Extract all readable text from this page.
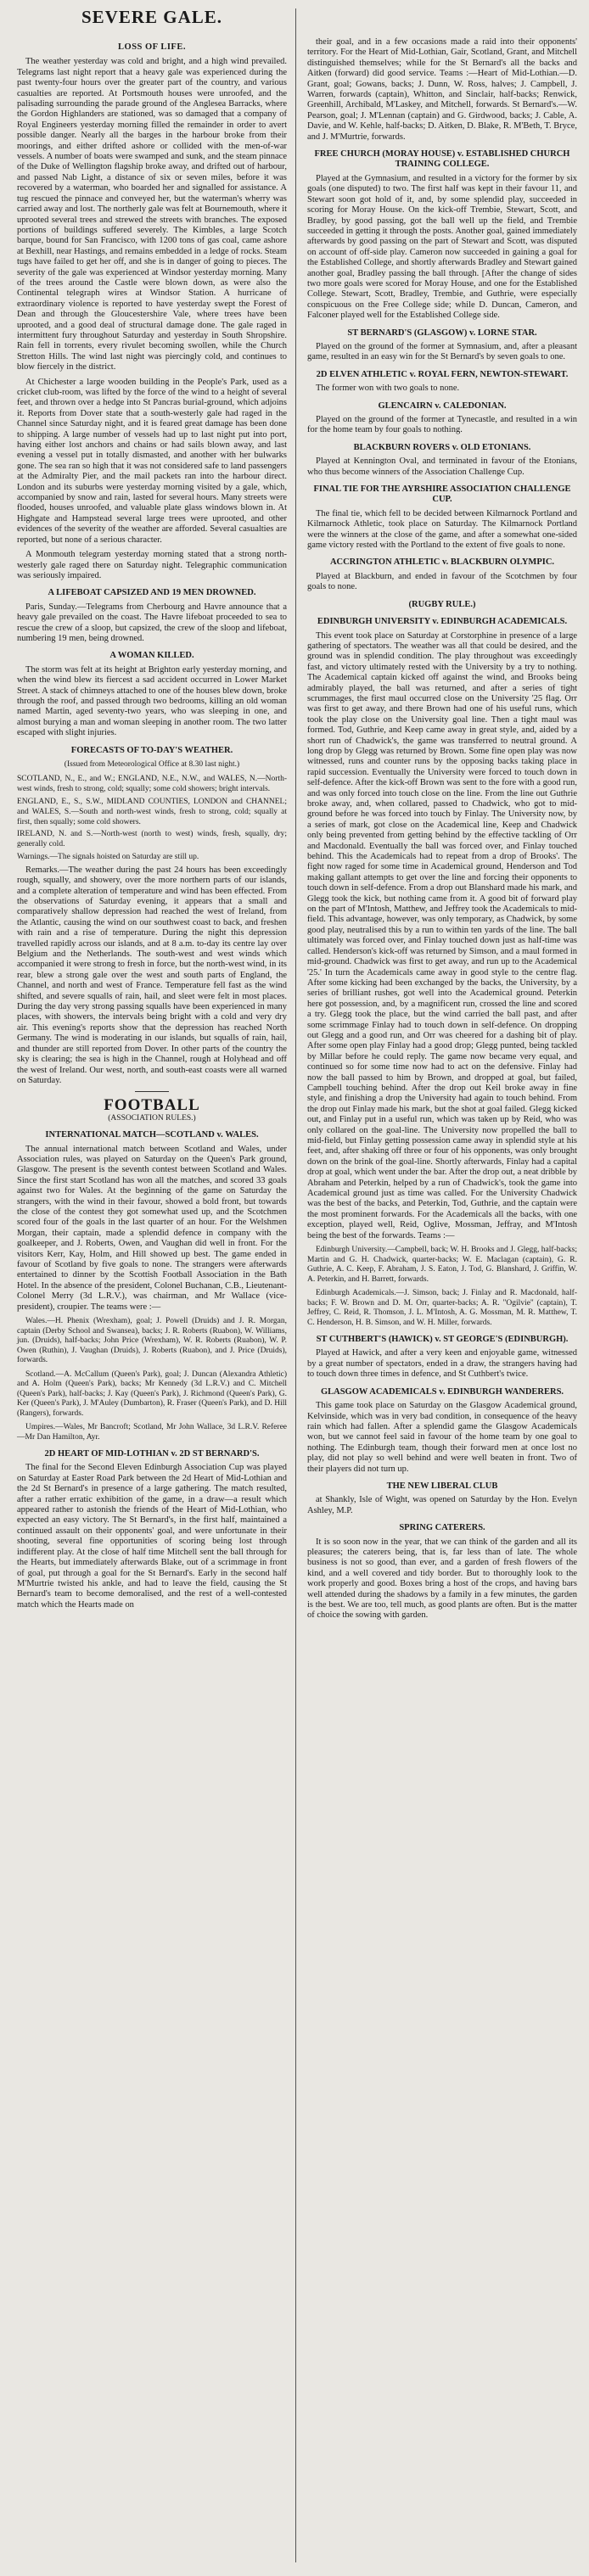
SEVERE GALE.
LOSS OF LIFE.

The weather yesterday was cold and bright, and a high wind prevailed. Telegrams last night report that a heavy gale was experienced during the past twenty-four hours over the greater part of the country, and various casualties are reported. At Portsmouth houses were unroofed, and the palisading surrounding the parade ground of the Anglesea Barracks, where the Gordon Highlanders are stationed, was so damaged that a company of Royal Engineers yesterday morning filled the remainder in order to avert possible danger. Nearly all the barges in the harbour broke from their moorings, and either drifted ashore or collided with the men-of-war vessels. A number of boats were swamped and sunk, and the steam pinnace of the Duke of Wellington flagship broke away, and drifted out of harbour, and passed Nab Light, a distance of six or seven miles, before it was recovered by a waterman, who boarded her and signalled for assistance. A tug rescued the pinnace and conveyed her, but the waterman's wherry was carried away and lost. The northerly gale was felt at Bournemouth, where it uprooted several trees and strewed the streets with branches. The exposed portions of buildings suffered severely. The Kimbles, a large Scotch barque, bound for San Francisco, with 1200 tons of gas coal, came ashore at Bexhill, near Hastings, and remains embedded in a ledge of rocks. Steam tugs have failed to get her off, and she is in danger of going to pieces. The severity of the gale was experienced at Windsor yesterday morning. Many of the trees around the Castle were blown down, as were also the Continental telegraph wires at Windsor Station. A hurricane of extraordinary violence is reported to have yesterday swept the Forest of Dean and through the Gloucestershire Vale, where trees have been uprooted, and a good deal of structural damage done. The gale raged in intermittent fury throughout Saturday and yesterday in South Shropshire. Rain fell in torrents, every rivulet becoming swollen, while the Church Stretton Hills. The wind last night was piercingly cold, and continues to blow fiercely in the district.

At Chichester a large wooden building in the People's Park, used as a cricket club-room, was lifted by the force of the wind to a height of several feet, and thrown over a hedge into St Pancras burial-ground, which adjoins it. Reports from Dover state that a south-westerly gale had raged in the Channel since Saturday night, and it is feared great damage has been done to shipping. A large number of vessels had up to last night put into port, having either lost anchors and chains or had sails blown away, and last evening a vessel put in totally dismasted, and another with her bulwarks gone. The sea ran so high that it was not considered safe to land passengers at the Admiralty Pier, and the mail packets ran into the harbour direct. London and its suburbs were yesterday morning visited by a gale, which, accompanied by snow and rain, lasted for several hours. Many streets were flooded, houses unroofed, and valuable plate glass windows blown in. At Highgate and Hampstead several large trees were uprooted, and other evidences of the severity of the weather are afforded. Several casualties are reported, but none of a serious character.

A Monmouth telegram yesterday morning stated that a strong north-westerly gale raged there on Saturday night. Telegraphic communication was seriously impaired.

A LIFEBOAT CAPSIZED AND 19 MEN DROWNED.

Paris, Sunday.—Telegrams from Cherbourg and Havre announce that a heavy gale prevailed on the coast. The Havre lifeboat proceeded to sea to rescue the crew of a sloop, but capsized, the crew of the sloop and lifeboat, numbering 19 men, being drowned.

A WOMAN KILLED.

The storm was felt at its height at Brighton early yesterday morning, and when the wind blew its fiercest a sad accident occurred in Lower Market Street. A stack of chimneys attached to one of the houses blew down, broke through the roof, and passed through two bedrooms, killing an old woman named Martin, aged seventy-two years, who was sleeping in one, and almost burying a man and woman sleeping in another room. The two latter escaped with slight injuries.

FORECASTS OF TO-DAY'S WEATHER.
(Issued from Meteorological Office at 8.30 last night.)
SCOTLAND, N., E., and W.; ENGLAND, N.E., N.W., and WALES, N.—North-west winds, fresh to strong, cold; squally; some cold showers; bright intervals.
ENGLAND, E., S., S.W., MIDLAND COUNTIES, LONDON and CHANNEL; and WALES, S.—South and north-west winds, fresh to strong, cold; squally at first, then squally; some cold showers.
IRELAND, N. and S.—North-west (north to west) winds, fresh, squally, dry; generally cold.
Warnings.—The signals hoisted on Saturday are still up.

Remarks.—The weather during the past 24 hours has been exceedingly rough, squally, and showery, over the more northern parts of our islands, and a complete alteration of temperature and wind has been effected. From the observations of Saturday evening, it appears that a small and comparatively shallow depression had reached the west of Ireland, from the Atlantic, causing the wind on our southwest coast to back, and freshen with rain and a rise of temperature. During the night this depression travelled rapidly across our islands, and at 8 a.m. to-day its centre lay over Belgium and the Netherlands. The south-west and west winds which accompanied it were strong to fresh in force, but the north-west wind, in its rear, blew a strong gale over the west and south parts of England, the Channel, and north and west of France. Temperature fell fast as the wind shifted, and severe squalls of rain, hail, and sleet were felt in most places. During the day very strong passing squalls have been experienced in many places, with showers, the intervals being bright with a cold and very dry air. This evening's reports show that the depression has reached North Germany. The wind is moderating in our islands, but squalls of rain, hail, and thunder are still reported from Dover. In other parts of the country the sky is clearing; the sea is high in the Channel, rough at Holyhead and off the west of Ireland. Our west, north, and south-east coasts were all warned on Saturday.

FOOTBALL
(ASSOCIATION RULES.)
INTERNATIONAL MATCH—SCOTLAND v. WALES.

The annual international match between Scotland and Wales, under Association rules, was played on Saturday on the Queen's Park ground, Glasgow. The present is the seventh contest between Scotland and Wales. Since the first start Scotland has won all the matches, and scored 33 goals against two for Wales. At the beginning of the game on Saturday the strangers, with the wind in their favour, showed a bold front, but towards the close of the contest they got somewhat used up, and the Scotchmen scored four of the goals in the last quarter of an hour. For the Welshmen Morgan, their captain, made a splendid defence in company with the goalkeeper, and J. Roberts, Owen, and Vaughan did well in front. For the visitors Kerr, Kay, Holm, and Hill showed up best. The game ended in favour of Scotland by five goals to none. The strangers were afterwards entertained to dinner by the Scottish Football Association in the Bath Hotel. In the absence of the president, Colonel Buchanan, C.B., Lieutenant-Colonel Merry (3d L.R.V.), was chairman, and Mr Wallace (vice-president), croupier. The teams were :—

Wales.—H. Phenix (Wrexham), goal; J. Powell (Druids) and J. R. Morgan, captain (Derby School and Swansea), backs; J. R. Roberts (Ruabon), W. Williams, jun. (Druids), half-backs; John Price (Wrexham), W. R. Roberts (Ruabon), W. P. Owen (Ruthin), J. Vaughan (Druids), J. Roberts (Ruabon), and J. Price (Druids), forwards.

Scotland.—A. McCallum (Queen's Park), goal; J. Duncan (Alexandra Athletic) and A. Holm (Queen's Park), backs; Mr Kennedy (3d L.R.V.) and C. Mitchell (Queen's Park), half-backs; J. Kay (Queen's Park), J. Richmond (Queen's Park), G. Ker (Queen's Park), J. M'Auley (Dumbarton), R. Fraser (Queen's Park), and D. Hill (Rangers), forwards.

Umpires.—Wales, Mr Bancroft; Scotland, Mr John Wallace, 3d L.R.V. Referee—Mr Dan Hamilton, Ayr.

2D HEART OF MID-LOTHIAN v. 2D ST BERNARD'S.

The final for the Second Eleven Edinburgh Association Cup was played on Saturday at Easter Road Park between the 2d Heart of Mid-Lothian and the 2d St Bernard's in presence of a large gathering. The match resulted, after a rather erratic exhibition of the game, in a draw—a result which appeared rather to astonish the friends of the Heart of Mid-Lothian, who expected an easy victory. The St Bernard's, in the first half, maintained a continued assault on their opponents' goal, and were unfortunate in their shooting, several fine opportunities of scoring being lost through indifferent play. At the close of half time Mitchell sent the ball through for the Hearts, but immediately afterwards Blake, out of a scrimmage in front of goal, put through a goal for the St Bernard's. Early in the second half M'Murtrie twisted his ankle, and had to leave the field, causing the St Bernard's team to become demoralised, and the rest of a well-contested match which the Hearts made on

their goal, and in a few occasions made a raid into their opponents' territory. For the Heart of Mid-Lothian, Gair, Scotland, Grant, and Mitchell distinguished themselves; while for the St Bernard's all the backs and Aitken (forward) did good service. Teams :—Heart of Mid-Lothian.—D. Grant, goal; Gowans, backs; J. Dunn, W. Ross, halves; J. Campbell, J. Warren, forwards (captain), Whitton, and Sinclair, half-backs; Renwick, Greenhill, Archibald, M'Laskey, and Mitchell, forwards. St Bernard's.—W. Pearson, goal; J. M'Lennan (captain) and G. Girdwood, backs; J. Cable, A. Davie, and W. Kehle, half-backs; D. Aitken, D. Blake, R. M'Beth, T. Bryce, and J. M'Murtrie, forwards.

FREE CHURCH (MORAY HOUSE) v. ESTABLISHED CHURCH TRAINING COLLEGE.

Played at the Gymnasium, and resulted in a victory for the former by six goals (one disputed) to two. The first half was kept in their favour 11, and Stewart soon got hold of it, and, by some splendid play, succeeded in scoring for Moray House. On the kick-off Trembie, Stewart, Scott, and Bradley, by good passing, got the ball well up the field, and Trembie succeeded in getting it through the posts. Another goal, gained immediately afterwards by good passing on the part of Stewart and Scott, was disputed on account of off-side play. Cameron now succeeded in gaining a goal for the Established College, and shortly afterwards Bradley and Stewart gained another goal, Bradley passing the ball through. [After the change of sides two more goals were scored for Moray House, and one for the Established College. Stewart, Scott, Bradley, Trembie, and Guthrie, were especially conspicuous on the Free College side; while D. Duncan, Cameron, and Falconer played well for the Established College side.

ST BERNARD'S (GLASGOW) v. LORNE STAR.

Played on the ground of the former at Symnasium, and, after a pleasant game, resulted in an easy win for the St Bernard's by seven goals to one.

2D ELVEN ATHLETIC v. ROYAL FERN, NEWTON-STEWART.

The former won with two goals to none.

GLENCAIRN v. CALEDONIAN.

Played on the ground of the former at Tynecastle, and resulted in a win for the home team by four goals to nothing.

BLACKBURN ROVERS v. OLD ETONIANS.

Played at Kennington Oval, and terminated in favour of the Etonians, who thus become winners of the Association Challenge Cup.

FINAL TIE FOR THE AYRSHIRE ASSOCIATION CHALLENGE CUP.

The final tie, which fell to be decided between Kilmarnock Portland and Kilmarnock Athletic, took place on Saturday. The Kilmarnock Portland were the winners at the close of the game, and after a somewhat one-sided game victory rested with the Portland to the extent of five goals to none.

ACCRINGTON ATHLETIC v. BLACKBURN OLYMPIC.

Played at Blackburn, and ended in favour of the Scotchmen by four goals to none.

(RUGBY RULE.)
EDINBURGH UNIVERSITY v. EDINBURGH ACADEMICALS.

This event took place on Saturday at Corstorphine in presence of a large gathering of spectators. The weather was all that could be desired, and the ground was in splendid condition. The play throughout was exceedingly fast, and victory ultimately rested with the University by a try to nothing. The Academical captain kicked off against the wind, and Brooks being admirably played, the ball was returned, and after a series of tight scrummages, the first maul occurred close on the University '25 flag. Orr was first to get away, and there Brown had one of his useful runs, which took the play close on the University goal line. Then a tight maul was formed. Tod, Guthrie, and Keep came away in great style, and, aided by a short run of Chadwick's, the game was transferred to neutral ground. A long drop by Glegg was returned by Brown. Some fine open play was now witnessed, runs and counter runs by the opposing backs taking place in rapid succession. Eventually the University were forced to touch down in self-defence. After the kick-off Brown was sent to the fore with a good run, and was only forced into touch close on the line. From the line out Guthrie broke away, and, when collared, passed to Chadwick, who got to mid-ground before he was forced into touch by Finlay. The University now, by a series of mark, got close on the Academical line, Keep and Chadwick only being prevented from getting behind by the effective tackling of Orr and Macdonald. Eventually the ball was forced over, and Finlay touched behind. This the Academicals had to repeat from a drop of Brooks'. The fight now raged for some time in Academical ground, Henderson and Tod making gallant attempts to get over the line and forcing their opponents to touch down in self-defence. From a drop out Blanshard made his mark, and Glegg took the kick, but nothing came from it. A good bit of forward play on the part of M'Intosh, Matthew, and Jeffrey took the Academicals to mid-field. This advantage, however, was only temporary, as Chadwick, by some good play, neutralised this by a run to within ten yards of the line. The ball ultimately was forced over, and Finlay touched down just as half-time was called. Henderson's kick-off was returned by Simson, and a maul formed in mid-ground. Chadwick was first to get away, and run up to the Academical '25.' In turn the Academicals came away in good style to the centre flag. After some kicking had been exchanged by the backs, the University, by a series of brilliant rushes, got well into the Academical ground. Peterkin here got possession, and, by a magnificent run, crossed the line and scored a try. Glegg took the place, but the wind carried the ball past, and after some scrimmage Finlay had to touch down in self-defence. On dropping out Glegg and a good run, and Orr was cheered for a dashing bit of play. After some open play Finlay had a good drop; Glegg punted, being tackled by Millar before he could reply. The game now became very equal, and continued so for some time now had to act on the defensive. Finlay had now the ball passed to him by Brown, and dropped at goal, but failed, Campbell touching behind. After the drop out Keil broke away in fine style, and finishing a drop the University had again to touch behind. From the drop out Finlay made his mark, but the shot at goal failed. Glegg kicked out, and Finlay put in a useful run, which was taken up by Reid, who was only collared on the goal-line. The University now propelled the ball to mid-field, but Finlay getting possession came away in splendid style at his feet, and, after shaking off three or four of his opponents, was only brought down on the brink of the goal-line. Shortly afterwards, Finlay had a capital drop at goal, which went under the bar. After the drop out, a neat dribble by Abraham and Peterkin, helped by a run of Chadwick's, took the game into Academical ground just as time was called. For the University Chadwick was the best of the backs, and Peterkin, Tod, Guthrie, and the captain were the most prominent forwards. For the Academicals all the backs, with one exception, played well, Reid, Oglive, Mossman, Jeffray, and M'Intosh being the best of the forwards. Teams :—

Edinburgh University.—Campbell, back; W. H. Brooks and J. Glegg, half-backs; Martin and G. H. Chadwick, quarter-backs; W. E. Maclagan (captain), G. R. Guthrie, A. C. Keep, F. Abraham, J. S. Eaton, J. Tod, G. Blanshard, J. Griffin, W. A. Peterkin, and H. Barrett, forwards.

Edinburgh Academicals.—J. Simson, back; J. Finlay and R. Macdonald, half-backs; F. W. Brown and D. M. Orr, quarter-backs; A. R. "Ogilvie" (captain), T. Jeffrey, C. Reid, R. Thomson, J. L. M'Intosh, A. G. Mossman, M. R. Matthew, T. C. Henderson, H. B. Simson, and W. H. Miller, forwards.

ST CUTHBERT'S (HAWICK) v. ST GEORGE'S (EDINBURGH).

Played at Hawick, and after a very keen and enjoyable game, witnessed by a great number of spectators, ended in a draw, the strangers having had to touch down three times in defence, and St Cuthbert's twice.

GLASGOW ACADEMICALS v. EDINBURGH WANDERERS.

This game took place on Saturday on the Glasgow Academical ground, Kelvinside, which was in very bad condition, in consequence of the heavy rain which had fallen. After a splendid game the Glasgow Academicals won, but we cannot feel said in favour of the home team by one goal to nothing. The Edinburgh team, though their forward men at once lost no play, did not play so well behind and were well beaten in front. Two of their players did not turn up.

THE NEW LIBERAL CLUB

at Shankly, Isle of Wight, was opened on Saturday by the Hon. Evelyn Ashley, M.P.

SPRING CATERERS.

It is so soon now in the year, that we can think of the garden and all its pleasures; the caterers being, that is, far less than of late. The whole business is not so good, than ever, and a garden of fresh flowers of the kind, and a well covered and tidy border. But to thoroughly look to the work properly and good. Boxes bring a host of the crops, and having bars well attended during the shadows by a family in a few minutes, the garden is the best. We are too, tell much, as good plants are often. But is the matter of choice the sowing with garden.
